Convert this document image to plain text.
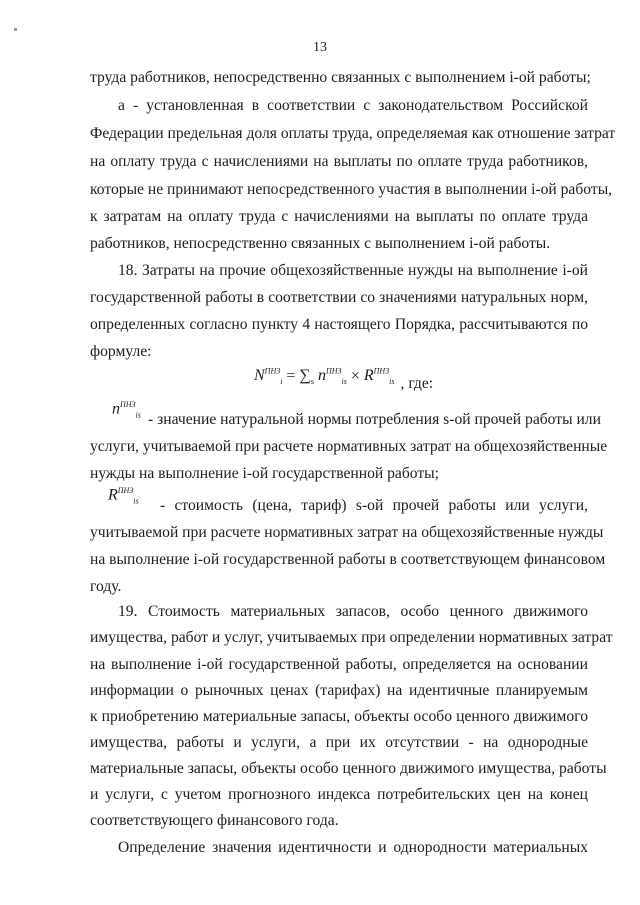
13
труда работников, непосредственно связанных с выполнением i-ой работы;
a - установленная в соответствии с законодательством Российской
Федерации предельная доля оплаты труда, определяемая как отношение затрат
на оплату труда с начислениями на выплаты по оплате труда работников,
которые не принимают непосредственного участия в выполнении i-ой работы,
к затратам на оплату труда с начислениями на выплаты по оплате труда
работников, непосредственно связанных с выполнением i-ой работы.
18. Затраты на прочие общехозяйственные нужды на выполнение i-ой
государственной работы в соответствии со значениями натуральных норм,
определенных согласно пункту 4 настоящего Порядка, рассчитываются по
формуле:
- значение натуральной нормы потребления s-ой прочей работы или
услуги, учитываемой при расчете нормативных затрат на общехозяйственные
нужды на выполнение i-ой государственной работы;
- стоимость (цена, тариф) s-ой прочей работы или услуги,
учитываемой при расчете нормативных затрат на общехозяйственные нужды
на выполнение i-ой государственной работы в соответствующем финансовом
году.
19. Стоимость материальных запасов, особо ценного движимого
имущества, работ и услуг, учитываемых при определении нормативных затрат
на выполнение i-ой государственной работы, определяется на основании
информации о рыночных ценах (тарифах) на идентичные планируемым
к приобретению материальные запасы, объекты особо ценного движимого
имущества, работы и услуги, а при их отсутствии - на однородные
материальные запасы, объекты особо ценного движимого имущества, работы
и услуги, с учетом прогнозного индекса потребительских цен на конец
соответствующего финансового года.
Определение значения идентичности и однородности материальных
$N^{ПНЗ}_i = \sum_s$ $n^{ПНЗ}_{is} \times R^{ПНЗ}_{is}$ , где:
$n^{ПНЗ}_{is}$
$R^{ПНЗ}_{is}$
